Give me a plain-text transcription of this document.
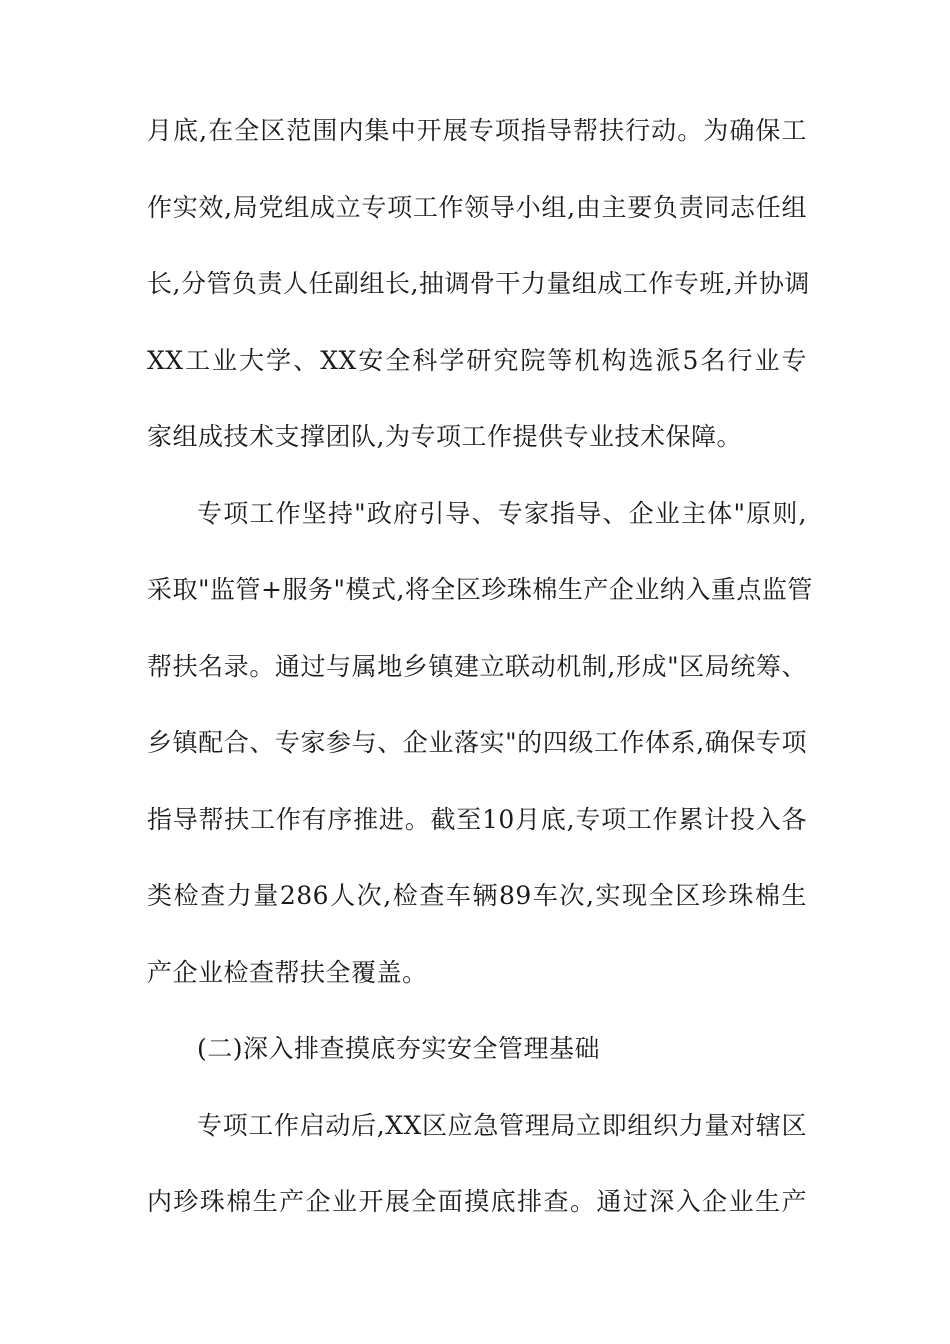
月底,在全区范围内集中开展专项指导帮扶行动。为确保工
作实效,局党组成立专项工作领导小组,由主要负责同志任组
长,分管负责人任副组长,抽调骨干力量组成工作专班,并协调
XX工业大学、XX安全科学研究院等机构选派5名行业专
家组成技术支撑团队,为专项工作提供专业技术保障。
专项工作坚持"政府引导、专家指导、企业主体"原则,
采取"监管+服务"模式,将全区珍珠棉生产企业纳入重点监管
帮扶名录。通过与属地乡镇建立联动机制,形成"区局统筹、
乡镇配合、专家参与、企业落实"的四级工作体系,确保专项
指导帮扶工作有序推进。截至10月底,专项工作累计投入各
类检查力量286人次,检查车辆89车次,实现全区珍珠棉生
产企业检查帮扶全覆盖。
(二)深入排查摸底夯实安全管理基础
专项工作启动后,XX区应急管理局立即组织力量对辖区
内珍珠棉生产企业开展全面摸底排查。通过深入企业生产
